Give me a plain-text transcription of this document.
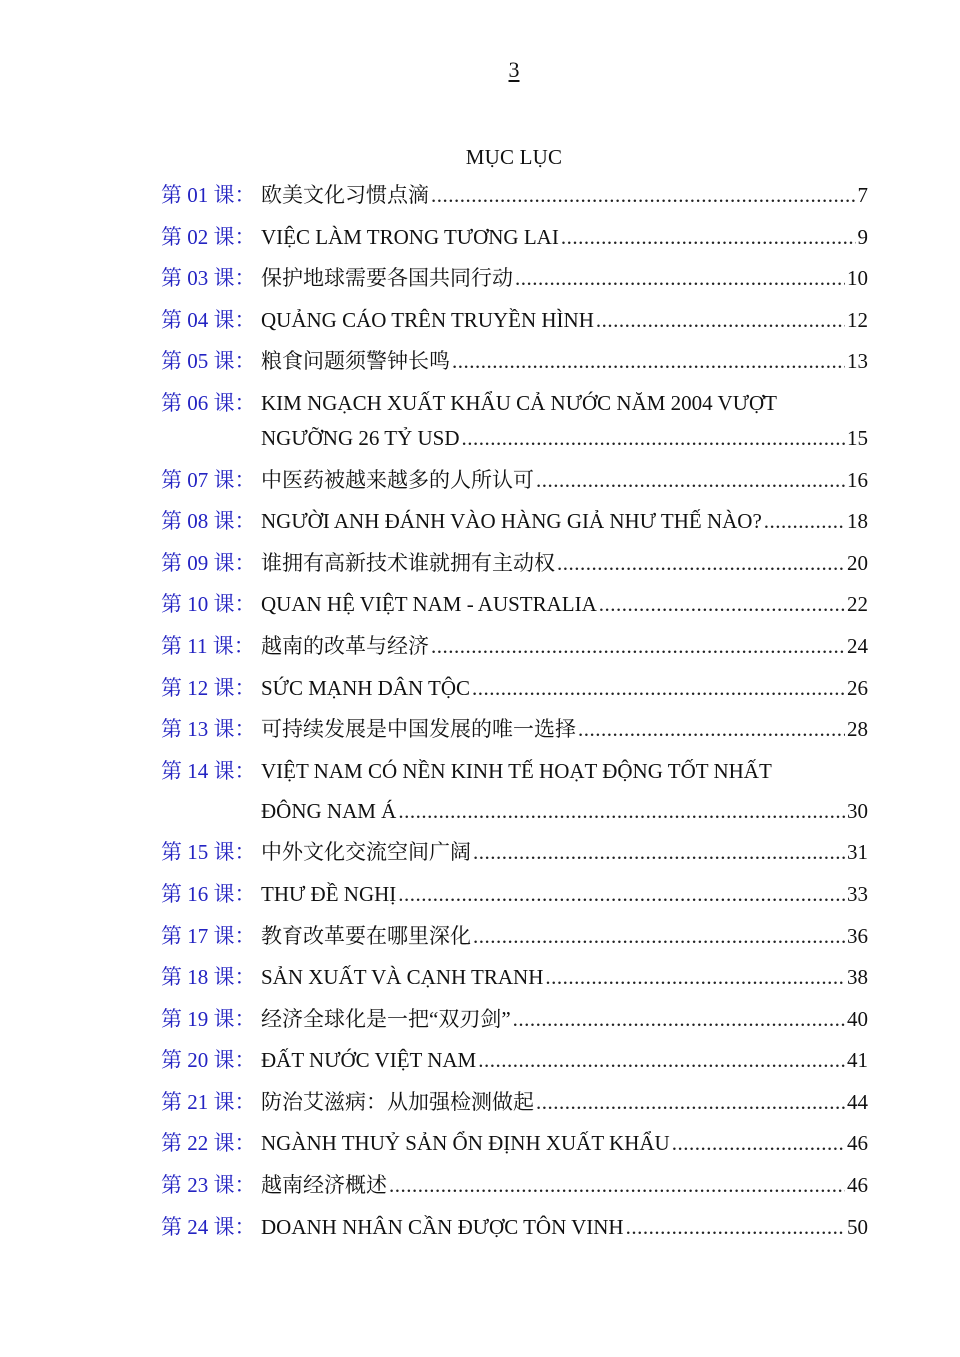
3
MỤC LỤC
第 01 课： 欧美文化习惯点滴 .....	7
第 02 课： VIỆC LÀM TRONG TƯƠNG LAI .....	9
第 03 课： 保护地球需要各国共同行动 .....	10
第 04 课： QUẢNG CÁO TRÊN TRUYỀN HÌNH .....	12
第 05 课： 粮食问题须警钟长鸣 .....	13
第 06 课： KIM NGẠCH XUẤT KHẨU CẢ NƯỚC NĂM 2004 VƯỢT
NGƯỠNG 26 TỶ USD .....	15
第 07 课： 中医药被越来越多的人所认可 .....	16
第 08 课： NGƯỜI ANH ĐÁNH VÀO HÀNG GIẢ NHƯ THẾ NÀO? .....	18
第 09 课： 谁拥有高新技术谁就拥有主动权 .....	20
第 10 课： QUAN HỆ VIỆT NAM - AUSTRALIA .....	22
第 11 课： 越南的改革与经济 .....	24
第 12 课： SỨC MẠNH DÂN TỘC .....	26
第 13 课： 可持续发展是中国发展的唯一选择 .....	28
第 14 课： VIỆT NAM CÓ NỀN KINH TẾ HOẠT ĐỘNG TỐT NHẤT
ĐÔNG NAM Á .....	30
第 15 课： 中外文化交流空间广阔 .....	31
第 16 课： THƯ ĐỀ NGHỊ .....	33
第 17 课： 教育改革要在哪里深化 .....	36
第 18 课： SẢN XUẤT VÀ CẠNH TRANH .....	38
第 19 课： 经济全球化是一把“双刃剑” .....	40
第 20 课： ĐẤT NƯỚC VIỆT NAM .....	41
第 21 课： 防治艾滋病：从加强检测做起 .....	44
第 22 课： NGÀNH THUỶ SẢN ỔN ĐỊNH XUẤT KHẨU .....	46
第 23 课： 越南经济概述 .....	46
第 24 课： DOANH NHÂN CẦN ĐƯỢC TÔN VINH .....	50
